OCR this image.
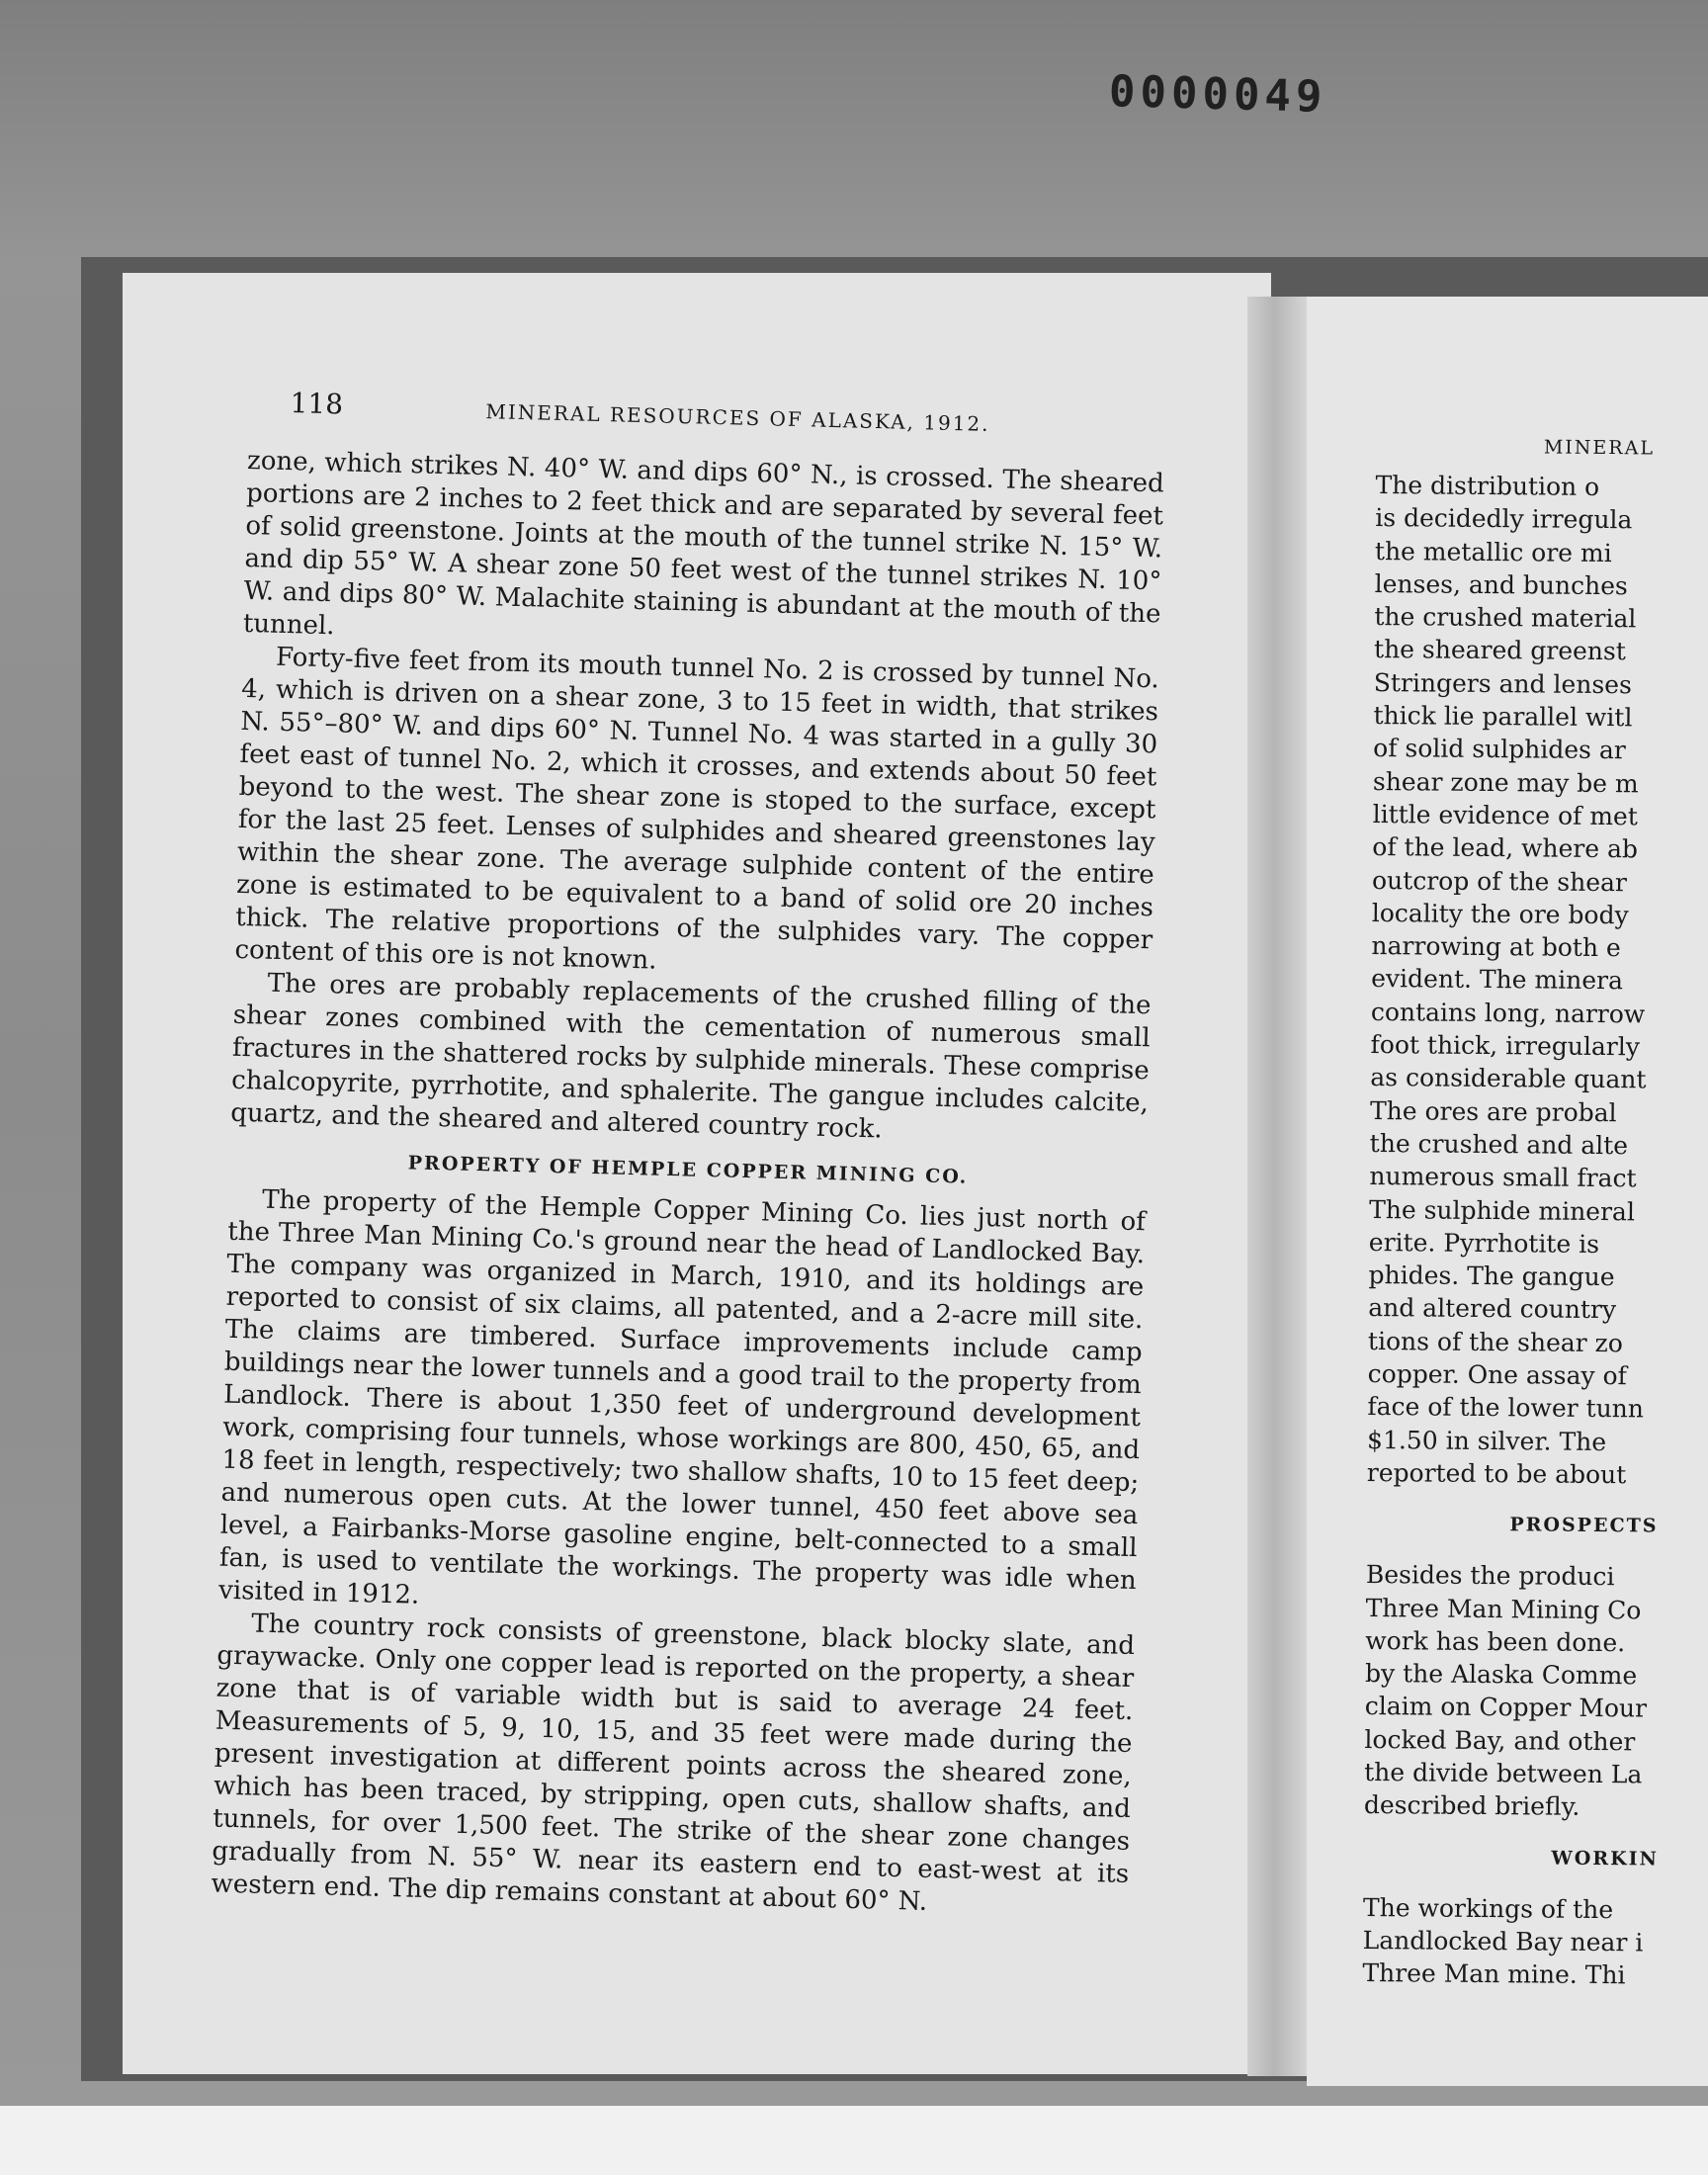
0000049
118	MINERAL RESOURCES OF ALASKA, 1912.

zone, which strikes N. 40° W. and dips 60° N., is crossed. The sheared portions are 2 inches to 2 feet thick and are separated by several feet of solid greenstone. Joints at the mouth of the tunnel strike N. 15° W. and dip 55° W. A shear zone 50 feet west of the tunnel strikes N. 10° W. and dips 80° W. Malachite staining is abundant at the mouth of the tunnel.

Forty-five feet from its mouth tunnel No. 2 is crossed by tunnel No. 4, which is driven on a shear zone, 3 to 15 feet in width, that strikes N. 55°–80° W. and dips 60° N. Tunnel No. 4 was started in a gully 30 feet east of tunnel No. 2, which it crosses, and extends about 50 feet beyond to the west. The shear zone is stoped to the surface, except for the last 25 feet. Lenses of sulphides and sheared greenstones lay within the shear zone. The average sulphide content of the entire zone is estimated to be equivalent to a band of solid ore 20 inches thick. The relative proportions of the sulphides vary. The copper content of this ore is not known.

The ores are probably replacements of the crushed filling of the shear zones combined with the cementation of numerous small fractures in the shattered rocks by sulphide minerals. These comprise chalcopyrite, pyrrhotite, and sphalerite. The gangue includes calcite, quartz, and the sheared and altered country rock.

PROPERTY OF HEMPLE COPPER MINING CO.

The property of the Hemple Copper Mining Co. lies just north of the Three Man Mining Co.'s ground near the head of Landlocked Bay. The company was organized in March, 1910, and its holdings are reported to consist of six claims, all patented, and a 2-acre mill site. The claims are timbered. Surface improvements include camp buildings near the lower tunnels and a good trail to the property from Landlock. There is about 1,350 feet of underground development work, comprising four tunnels, whose workings are 800, 450, 65, and 18 feet in length, respectively; two shallow shafts, 10 to 15 feet deep; and numerous open cuts. At the lower tunnel, 450 feet above sea level, a Fairbanks-Morse gasoline engine, belt-connected to a small fan, is used to ventilate the workings. The property was idle when visited in 1912.

The country rock consists of greenstone, black blocky slate, and graywacke. Only one copper lead is reported on the property, a shear zone that is of variable width but is said to average 24 feet. Measurements of 5, 9, 10, 15, and 35 feet were made during the present investigation at different points across the sheared zone, which has been traced, by stripping, open cuts, shallow shafts, and tunnels, for over 1,500 feet. The strike of the shear zone changes gradually from N. 55° W. near its eastern end to east-west at its western end. The dip remains constant at about 60° N.

MINERAL
The distribution o
is decidedly irregula
the metallic ore mi
lenses, and bunches
the crushed material
the sheared greenst
Stringers and lenses
thick lie parallel witl
of solid sulphides ar
shear zone may be m
little evidence of met
of the lead, where ab
outcrop of the shear
locality the ore body
narrowing at both e
evident. The minera
contains long, narrow
foot thick, irregularly
as considerable quant
The ores are probal
the crushed and alte
numerous small fract
The sulphide mineral
erite. Pyrrhotite is
phides. The gangue
and altered country
tions of the shear zo
copper. One assay of
face of the lower tunn
$1.50 in silver. The
reported to be about
PROSPECTS
Besides the produci
Three Man Mining Co
work has been done.
by the Alaska Comme
claim on Copper Mour
locked Bay, and other
the divide between La
described briefly.
WORKIN
The workings of the
Landlocked Bay near i
Three Man mine. Thi
